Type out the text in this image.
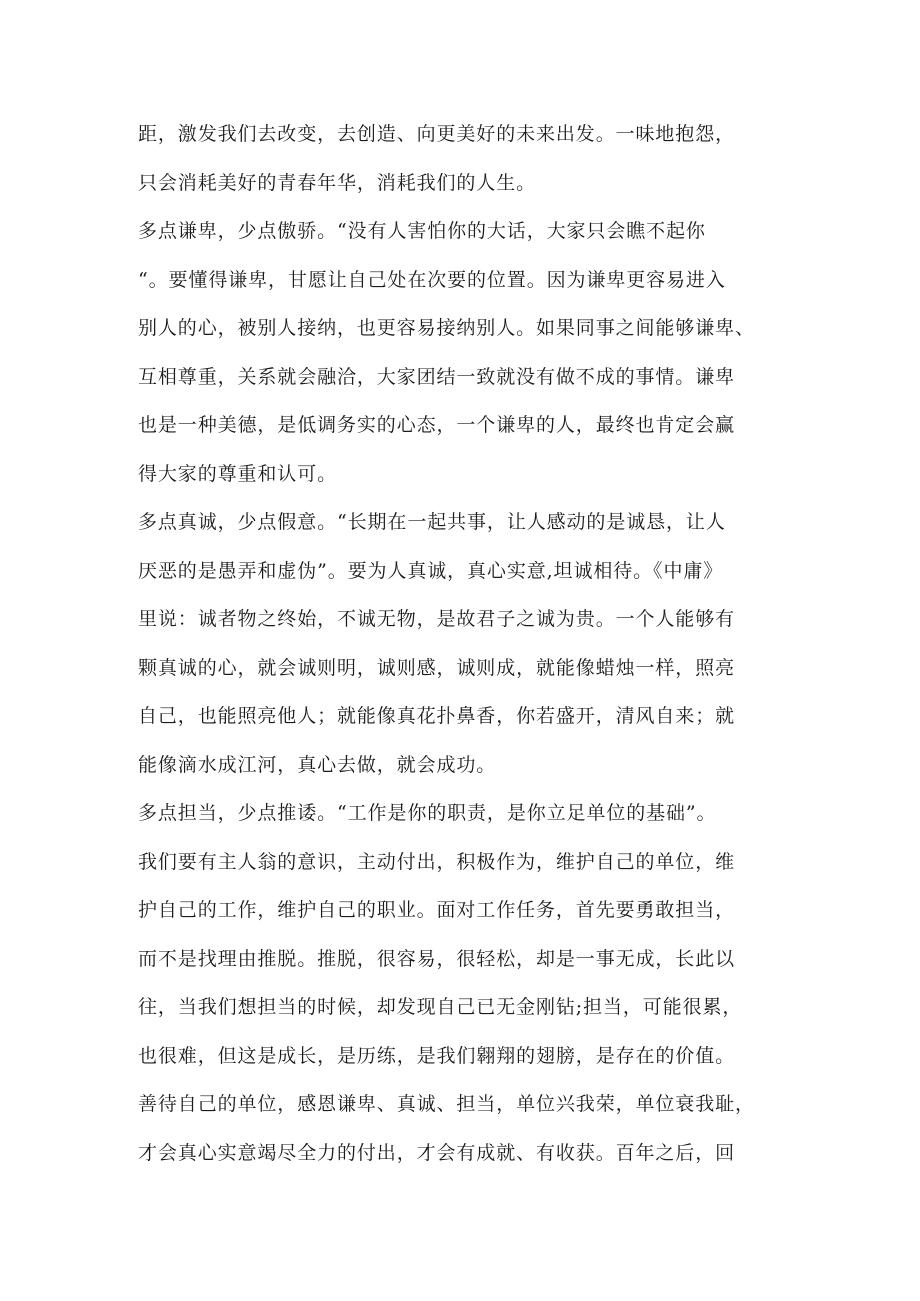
距，激发我们去改变，去创造、向更美好的未来出发。一味地抱怨，
只会消耗美好的青春年华，消耗我们的人生。
多点谦卑，少点傲骄。“没有人害怕你的大话，大家只会瞧不起你
“。要懂得谦卑，甘愿让自己处在次要的位置。因为谦卑更容易进入
别人的心，被别人接纳，也更容易接纳别人。如果同事之间能够谦卑、
互相尊重，关系就会融洽，大家团结一致就没有做不成的事情。谦卑
也是一种美德，是低调务实的心态，一个谦卑的人，最终也肯定会赢
得大家的尊重和认可。
多点真诚，少点假意。“长期在一起共事，让人感动的是诚恳，让人
厌恶的是愚弄和虚伪”。要为人真诚，真心实意,坦诚相待。《中庸》
里说：诚者物之终始，不诚无物，是故君子之诚为贵。一个人能够有
颗真诚的心，就会诚则明，诚则感，诚则成，就能像蜡烛一样，照亮
自己，也能照亮他人；就能像真花扑鼻香，你若盛开，清风自来；就
能像滴水成江河，真心去做，就会成功。
多点担当，少点推诿。“工作是你的职责，是你立足单位的基础”。
我们要有主人翁的意识，主动付出，积极作为，维护自己的单位，维
护自己的工作，维护自己的职业。面对工作任务，首先要勇敢担当，
而不是找理由推脱。推脱，很容易，很轻松，却是一事无成，长此以
往，当我们想担当的时候，却发现自己已无金刚钻;担当，可能很累，
也很难，但这是成长，是历练，是我们翱翔的翅膀，是存在的价值。
善待自己的单位，感恩谦卑、真诚、担当，单位兴我荣，单位衰我耻，
才会真心实意竭尽全力的付出，才会有成就、有收获。百年之后，回
